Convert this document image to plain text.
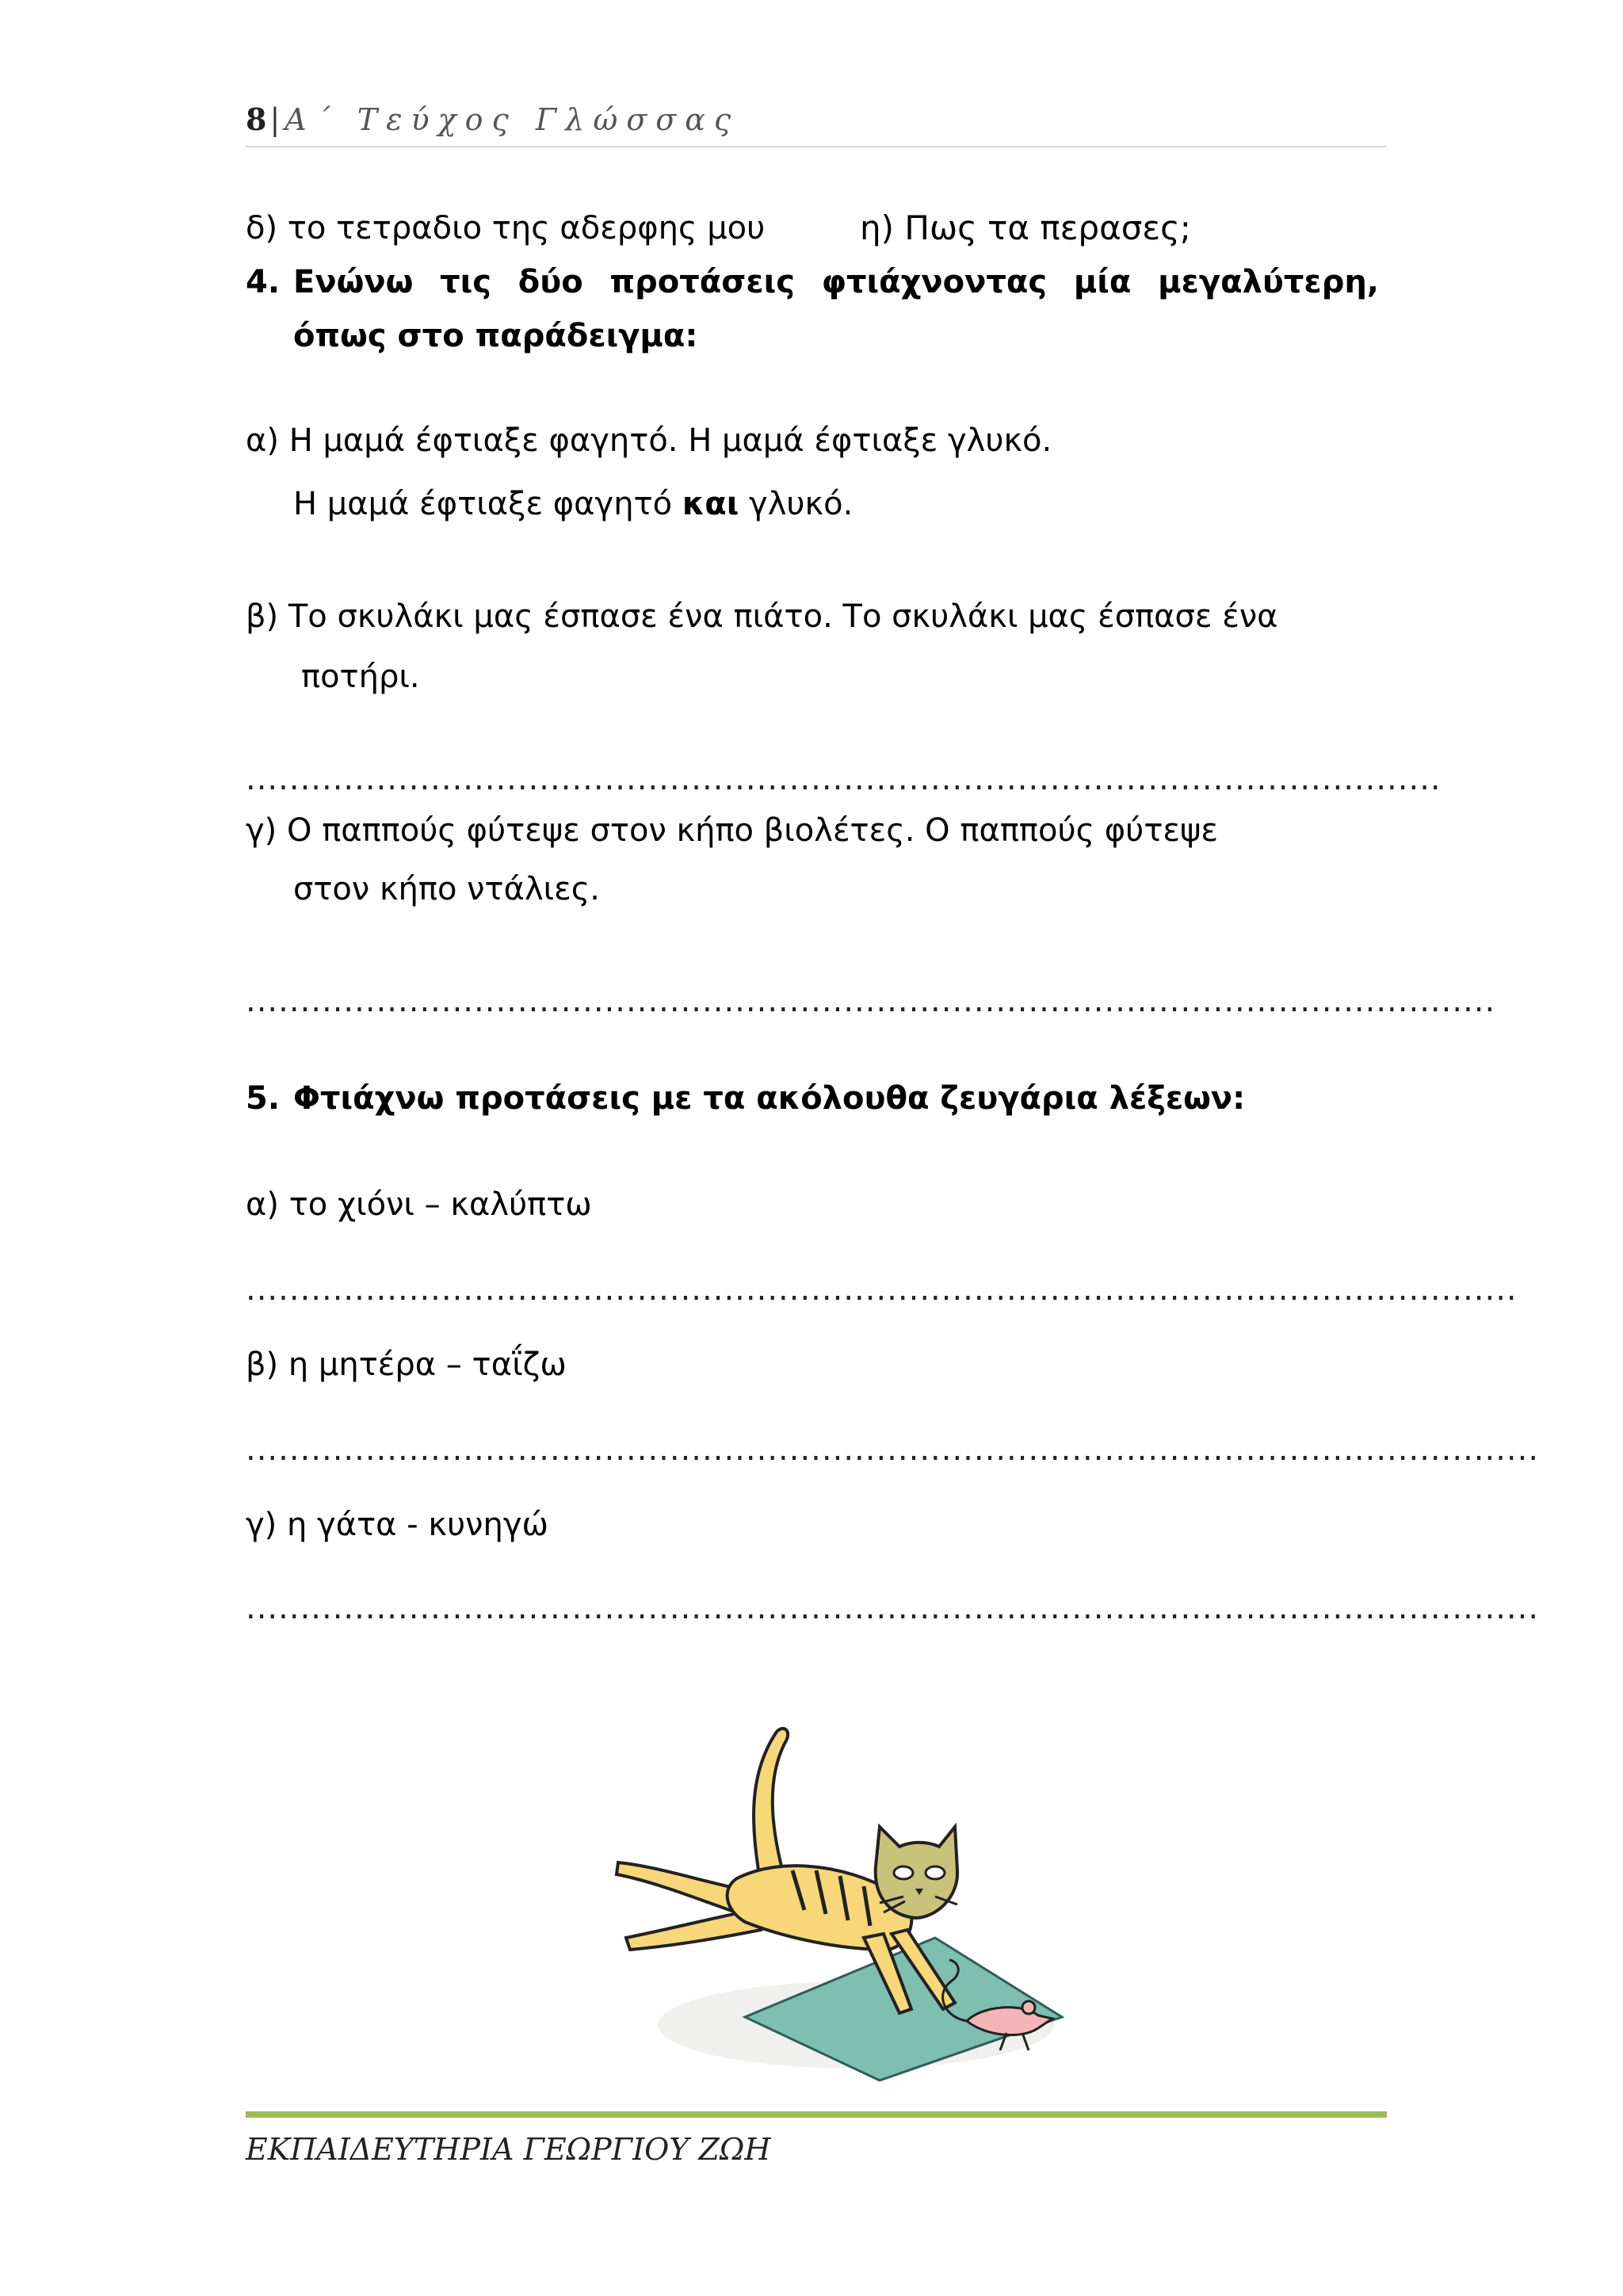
8 | Α΄ Τεύχος Γλώσσας
δ) το τετραδιο της αδερφης μου	η) Πως τα περασες;
4. Ενώνω τις δύο προτάσεις φτιάχνοντας μία μεγαλύτερη,
όπως στο παράδειγμα:
α) Η μαμά έφτιαξε φαγητό. Η μαμά έφτιαξε γλυκό.
Η μαμά έφτιαξε φαγητό και γλυκό.
β) Το σκυλάκι μας έσπασε ένα πιάτο. Το σκυλάκι μας έσπασε ένα
ποτήρι.
..............................................................................................................
γ) Ο παππούς φύτεψε στον κήπο βιολέτες. Ο παππούς φύτεψε
στον κήπο ντάλιες.
...................................................................................................................
5. Φτιάχνω προτάσεις με τα ακόλουθα ζευγάρια λέξεων:
α) το χιόνι – καλύπτω
.....................................................................................................................
β) η μητέρα – ταΐζω
.......................................................................................................................
γ) η γάτα - κυνηγώ
.......................................................................................................................
ΕΚΠΑΙΔΕΥΤΗΡΙΑ ΓΕΩΡΓΙΟΥ ΖΩΗ
